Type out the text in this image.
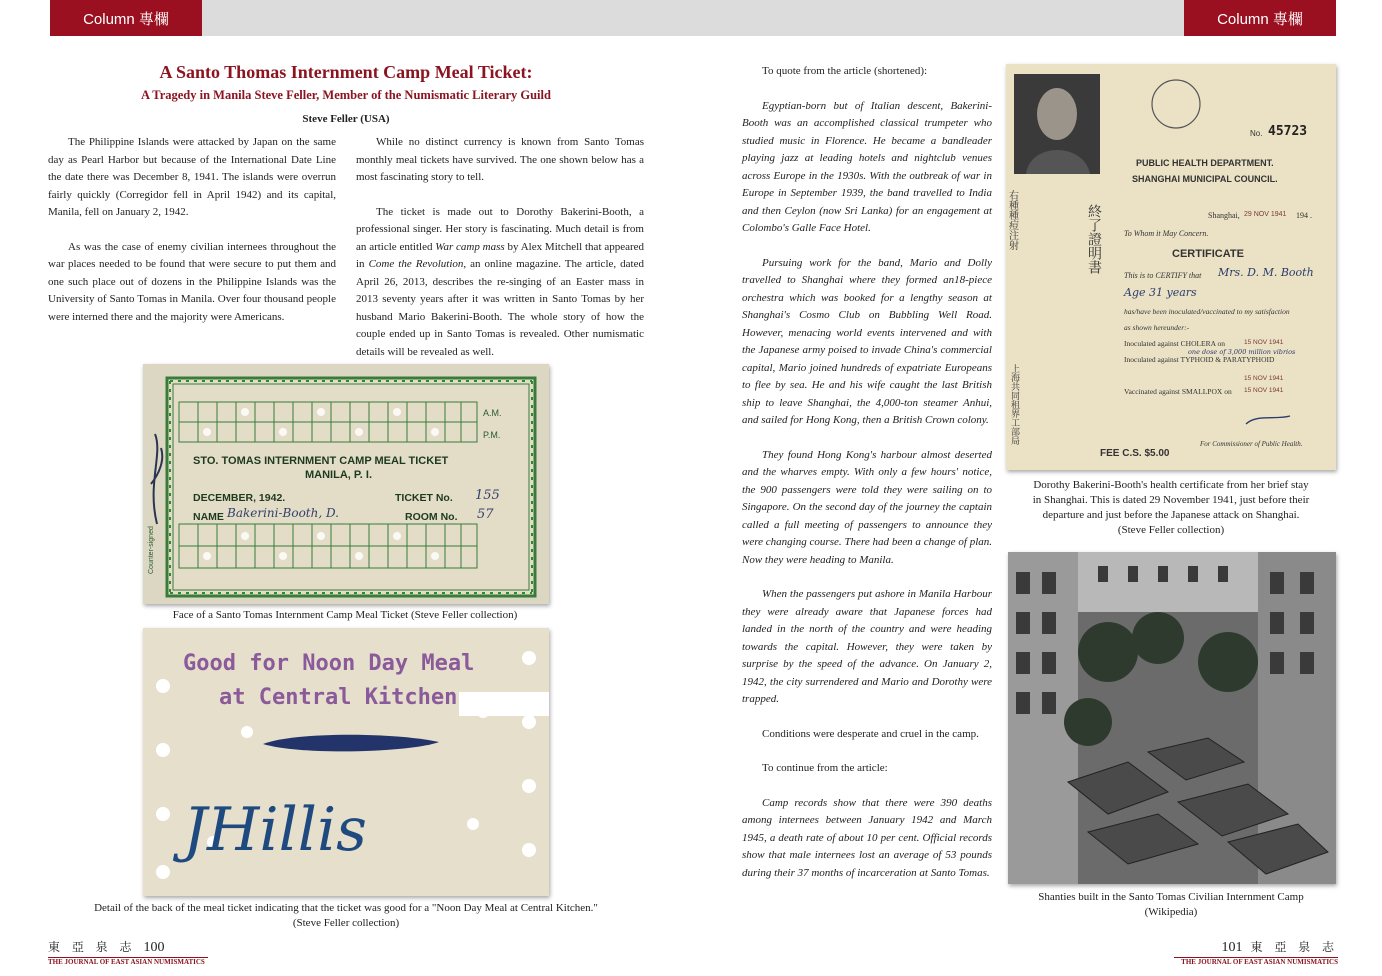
Column 專欄	Column 專欄
A Santo Thomas Internment Camp Meal Ticket:
A Tragedy in Manila Steve Feller, Member of the Numismatic Literary Guild
Steve Feller (USA)

The Philippine Islands were attacked by Japan on the same day as Pearl Harbor but because of the International Date Line the date there was December 8, 1941. The islands were overrun fairly quickly (Corregidor fell in April 1942) and its capital, Manila, fell on January 2, 1942.

As was the case of enemy civilian internees throughout the war places needed to be found that were secure to put them and one such place out of dozens in the Philippine Islands was the University of Santo Tomas in Manila. Over four thousand people were interned there and the majority were Americans.

While no distinct currency is known from Santo Tomas monthly meal tickets have survived. The one shown below has a most fascinating story to tell.

The ticket is made out to Dorothy Bakerini-Booth, a professional singer. Her story is fascinating. Much detail is from an article entitled War camp mass by Alex Mitchell that appeared in Come the Revolution, an online magazine. The article, dated April 26, 2013, describes the re-singing of an Easter mass in 2013 seventy years after it was written in Santo Tomas by her husband Mario Bakerini-Booth. The whole story of how the couple ended up in Santo Tomas is revealed. Other numismatic details will be revealed as well.

A.M.
P.M.
STO. TOMAS INTERNMENT CAMP MEAL TICKET
MANILA, P. I.
DECEMBER, 1942.	TICKET No. 155
NAME Bakerini-Booth, D.	ROOM No. 57
Counter-signed
Face of a Santo Tomas Internment Camp Meal Ticket (Steve Feller collection)
Good for Noon Day Meal
at Central Kitchen
JHillis
Detail of the back of the meal ticket indicating that the ticket was good for a "Noon Day Meal at Central Kitchen."
(Steve Feller collection)

To quote from the article (shortened):

Egyptian-born but of Italian descent, Bakerini-Booth was an accomplished classical trumpeter who studied music in Florence. He became a bandleader playing jazz at leading hotels and nightclub venues across Europe in the 1930s. With the outbreak of war in Europe in September 1939, the band travelled to India and then Ceylon (now Sri Lanka) for an engagement at Colombo's Galle Face Hotel.

Pursuing work for the band, Mario and Dolly travelled to Shanghai where they formed an18-piece orchestra which was booked for a lengthy season at Shanghai's Cosmo Club on Bubbling Well Road. However, menacing world events intervened and with the Japanese army poised to invade China's commercial capital, Mario joined hundreds of expatriate Europeans to flee by sea. He and his wife caught the last British ship to leave Shanghai, the 4,000-ton steamer Anhui, and sailed for Hong Kong, then a British Crown colony.

They found Hong Kong's harbour almost deserted and the wharves empty. With only a few hours' notice, the 900 passengers were told they were sailing on to Singapore. On the second day of the journey the captain called a full meeting of passengers to announce they were changing course. There had been a change of plan. Now they were heading to Manila.

When the passengers put ashore in Manila Harbour they were already aware that Japanese forces had landed in the north of the country and were heading towards the capital. However, they were taken by surprise by the speed of the advance. On January 2, 1942, the city surrendered and Mario and Dorothy were trapped.

Conditions were desperate and cruel in the camp.

To continue from the article:

Camp records show that there were 390 deaths among internees between January 1942 and March 1945, a death rate of about 10 per cent. Official records show that male internees lost an average of 53 pounds during their 37 months of incarceration at Santo Tomas.

No. 45723
PUBLIC HEALTH DEPARTMENT.
SHANGHAI MUNICIPAL COUNCIL.
右種種痘注射	終了證明書
上海共同租界工部局
Shanghai, 29 NOV 1941 194 .
To Whom it May Concern.
CERTIFICATE
This is to CERTIFY that Mrs. D. M. Booth
Age 31 years
has/have been inoculated/vaccinated to my satisfaction
as shown hereunder:-
Inoculated against CHOLERA on	15 NOV 1941
one dose of 3,000 million vibrios
Inoculated against TYPHOID & PARATYPHOID
15 NOV 1941
Vaccinated against SMALLPOX on 15 NOV 1941
For Commissioner of Public Health.
FEE C.S. $5.00
Dorothy Bakerini-Booth's health certificate from her brief stay
in Shanghai. This is dated 29 November 1941, just before their
departure and just before the Japanese attack on Shanghai.
(Steve Feller collection)
Shanties built in the Santo Tomas Civilian Internment Camp
(Wikipedia)
東 亞 泉 志 100
THE JOURNAL OF EAST ASIAN NUMISMATICS
101 東 亞 泉 志
THE JOURNAL OF EAST ASIAN NUMISMATICS
